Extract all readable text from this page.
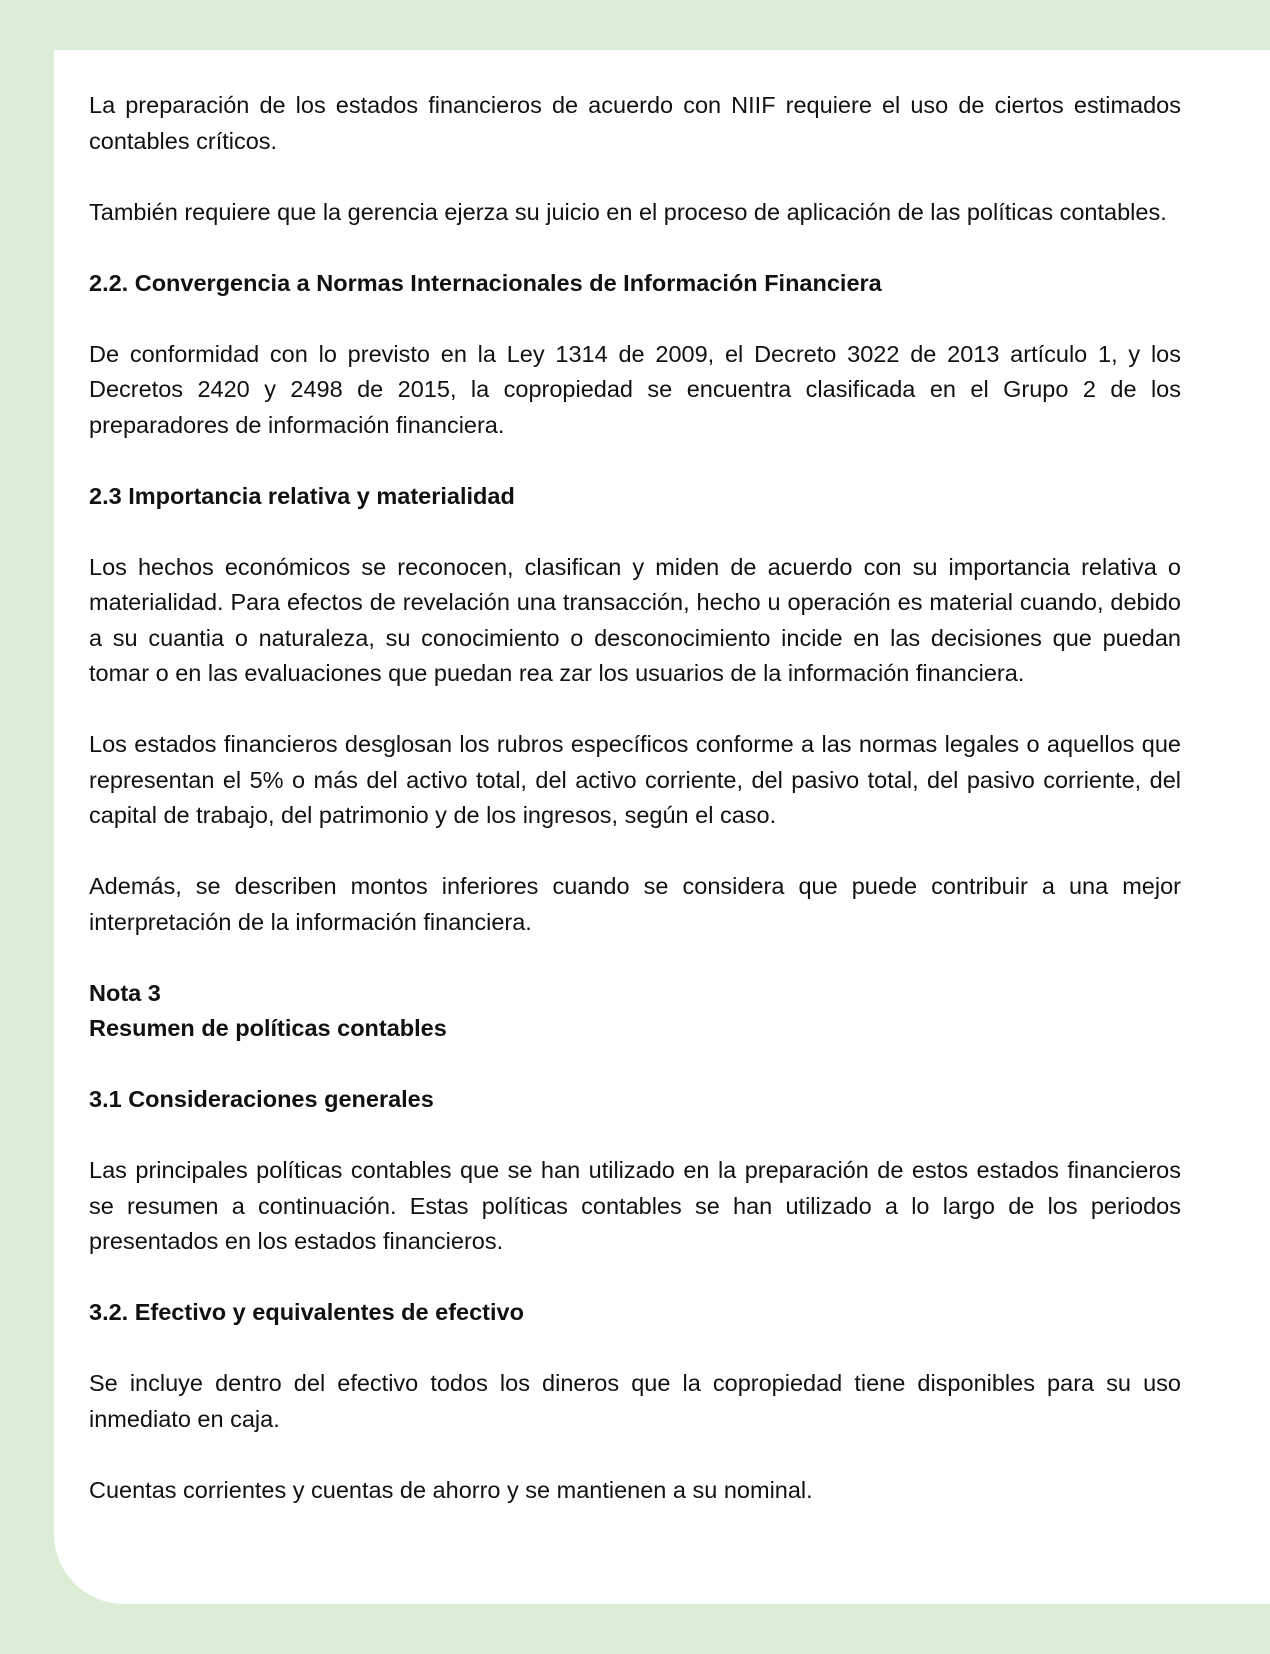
La preparación de los estados financieros de acuerdo con NIIF requiere el uso de ciertos estimados contables críticos.

También requiere que la gerencia ejerza su juicio en el proceso de aplicación de las políticas contables.

2.2. Convergencia a Normas Internacionales de Información Financiera

De conformidad con lo previsto en la Ley 1314 de 2009, el Decreto 3022 de 2013 artículo 1, y los Decretos 2420 y 2498 de 2015, la copropiedad se encuentra clasificada en el Grupo 2 de los preparadores de información financiera.

2.3 Importancia relativa y materialidad

Los hechos económicos se reconocen, clasifican y miden de acuerdo con su importancia relativa o materialidad. Para efectos de revelación una transacción, hecho u operación es material cuando, debido a su cuantia o naturaleza, su conocimiento o desconocimiento incide en las decisiones que puedan tomar o en las evaluaciones que puedan rea zar los usuarios de la información financiera.

Los estados financieros desglosan los rubros específicos conforme a las normas legales o aquellos que representan el 5% o más del activo total, del activo corriente, del pasivo total, del pasivo corriente, del capital de trabajo, del patrimonio y de los ingresos, según el caso.

Además, se describen montos inferiores cuando se considera que puede contribuir a una mejor interpretación de la información financiera.

Nota 3
Resumen de políticas contables
3.1 Consideraciones generales

Las principales políticas contables que se han utilizado en la preparación de estos estados financieros se resumen a continuación. Estas políticas contables se han utilizado a lo largo de los periodos presentados en los estados financieros.

3.2. Efectivo y equivalentes de efectivo

Se incluye dentro del efectivo todos los dineros que la copropiedad tiene disponibles para su uso inmediato en caja.

Cuentas corrientes y cuentas de ahorro y se mantienen a su nominal.
